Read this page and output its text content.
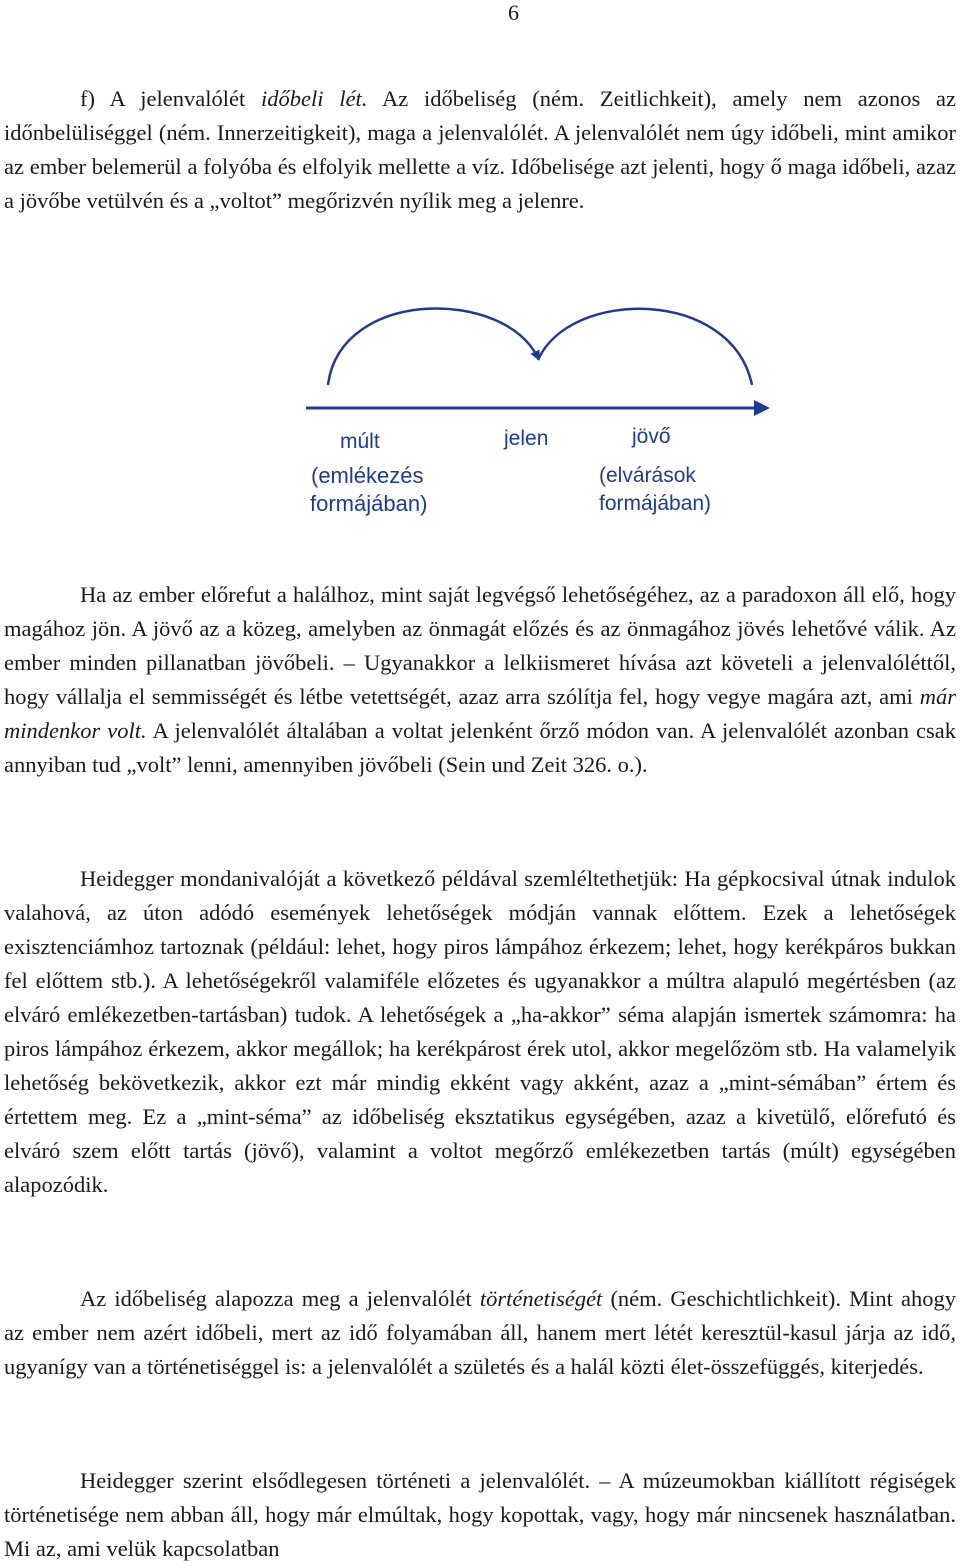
6

f) A jelenvalólét időbeli lét. Az időbeliség (ném. Zeitlichkeit), amely nem azonos az időnbelüliséggel (ném. Innerzeitigkeit), maga a jelenvalólét. A jelenvalólét nem úgy időbeli, mint amikor az ember belemerül a folyóba és elfolyik mellette a víz. Időbelisége azt jelenti, hogy ő maga időbeli, azaz a jövőbe vetülvén és a „voltot” megőrizvén nyílik meg a jelenre.

múlt
(emlékezés
formájában)
jelen	jövő
(elvárások
formájában)

Ha az ember előrefut a halálhoz, mint saját legvégső lehetőségéhez, az a paradoxon áll elő, hogy magához jön. A jövő az a közeg, amelyben az önmagát előzés és az önmagához jövés lehetővé válik. Az ember minden pillanatban jövőbeli. – Ugyanakkor a lelkiismeret hívása azt követeli a jelenvalóléttől, hogy vállalja el semmisségét és létbe vetettségét, azaz arra szólítja fel, hogy vegye magára azt, ami már mindenkor volt. A jelenvalólét általában a voltat jelenként őrző módon van. A jelenvalólét azonban csak annyiban tud „volt” lenni, amennyiben jövőbeli (Sein und Zeit 326. o.).

Heidegger mondanivalóját a következő példával szemléltethetjük: Ha gépkocsival útnak indulok valahová, az úton adódó események lehetőségek módján vannak előttem. Ezek a lehetőségek exisztenciámhoz tartoznak (például: lehet, hogy piros lámpához érkezem; lehet, hogy kerékpáros bukkan fel előttem stb.). A lehetőségekről valamiféle előzetes és ugyanakkor a múltra alapuló megértésben (az elváró emlékezetben-tartásban) tudok. A lehetőségek a „ha-akkor” séma alapján ismertek számomra: ha piros lámpához érkezem, akkor megállok; ha kerékpárost érek utol, akkor megelőzöm stb. Ha valamelyik lehetőség bekövetkezik, akkor ezt már mindig ekként vagy akként, azaz a „mint-sémában” értem és értettem meg. Ez a „mint-séma” az időbeliség eksztatikus egységében, azaz a kivetülő, előrefutó és elváró szem előtt tartás (jövő), valamint a voltot megőrző emlékezetben tartás (múlt) egységében alapozódik.

Az időbeliség alapozza meg a jelenvalólét történetiségét (ném. Geschichtlichkeit). Mint ahogy az ember nem azért időbeli, mert az idő folyamában áll, hanem mert létét keresztül-kasul járja az idő, ugyanígy van a történetiséggel is: a jelenvalólét a születés és a halál közti élet-összefüggés, kiterjedés.

Heidegger szerint elsődlegesen történeti a jelenvalólét. – A múzeumokban kiállított régiségek történetisége nem abban áll, hogy már elmúltak, hogy kopottak, vagy, hogy már nincsenek használatban. Mi az, ami velük kapcsolatban
